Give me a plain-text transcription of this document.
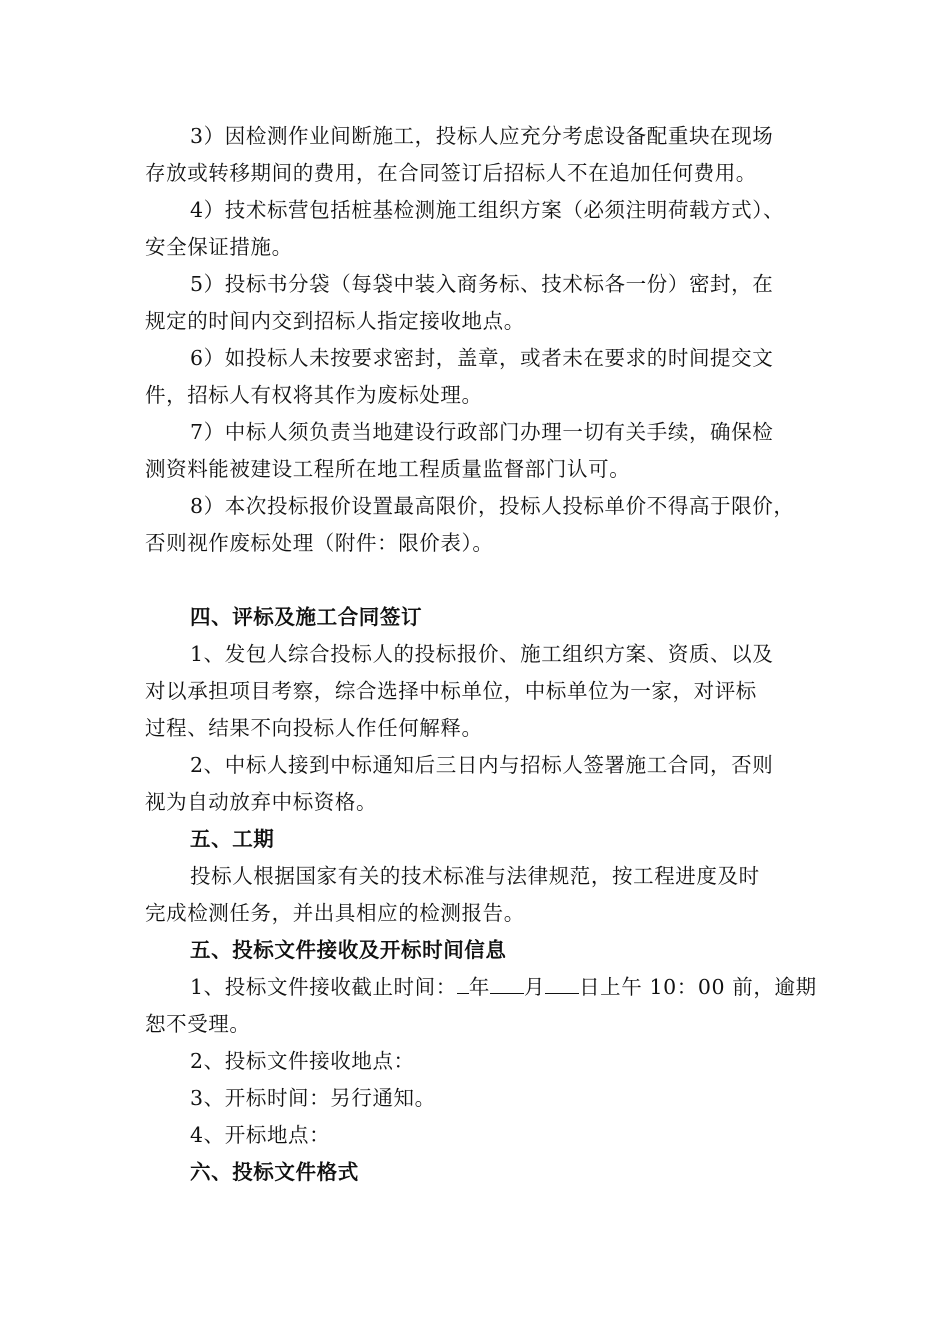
3）因检测作业间断施工，投标人应充分考虑设备配重块在现场
存放或转移期间的费用，在合同签订后招标人不在追加任何费用。

4）技术标营包括桩基检测施工组织方案（必须注明荷载方式）、
安全保证措施。

5）投标书分袋（每袋中装入商务标、技术标各一份）密封，在
规定的时间内交到招标人指定接收地点。

6）如投标人未按要求密封，盖章，或者未在要求的时间提交文
件，招标人有权将其作为废标处理。

7）中标人须负责当地建设行政部门办理一切有关手续，确保检
测资料能被建设工程所在地工程质量监督部门认可。

8）本次投标报价设置最高限价，投标人投标单价不得高于限价，
否则视作废标处理（附件：限价表）。

四、评标及施工合同签订

1、发包人综合投标人的投标报价、施工组织方案、资质、以及
对以承担项目考察，综合选择中标单位，中标单位为一家，对评标
过程、结果不向投标人作任何解释。

2、中标人接到中标通知后三日内与招标人签署施工合同，否则
视为自动放弃中标资格。

五、工期

投标人根据国家有关的技术标准与法律规范，按工程进度及时
完成检测任务，并出具相应的检测报告。

五、投标文件接收及开标时间信息

1、投标文件接收截止时间： 年 月 日上午 10：00 前，逾期
恕不受理。

2、投标文件接收地点：

3、开标时间：另行通知。

4、开标地点：

六、投标文件格式
